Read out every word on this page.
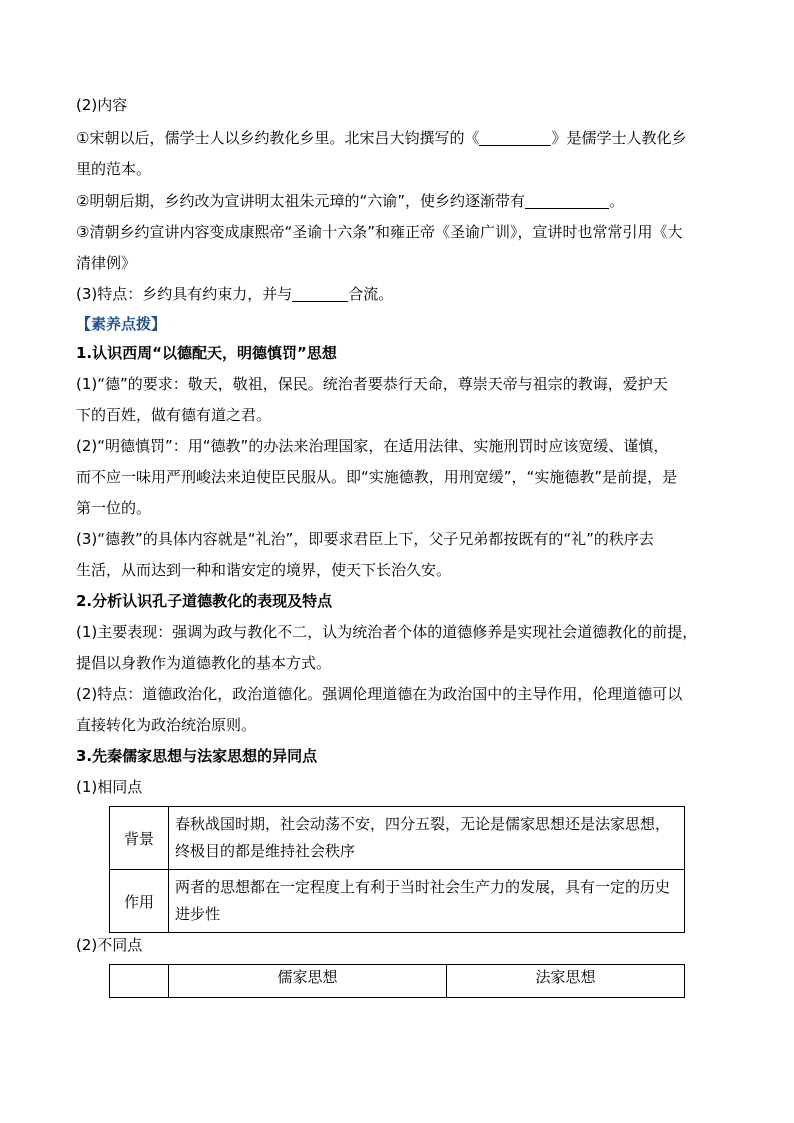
(2)内容
①宋朝以后，儒学士人以乡约教化乡里。北宋吕大钧撰写的《	》是儒学士人教化乡
里的范本。
②明朝后期，乡约改为宣讲明太祖朱元璋的“六谕”，使乡约逐渐带有	。
③清朝乡约宣讲内容变成康熙帝“圣谕十六条”和雍正帝《圣谕广训》，宣讲时也常常引用《大
清律例》
(3)特点：乡约具有约束力，并与	合流。
【素养点拨】
1.认识西周“以德配天，明德慎罚”思想
(1)“德”的要求：敬天，敬祖，保民。统治者要恭行天命，尊崇天帝与祖宗的教诲，爱护天
下的百姓，做有德有道之君。
(2)“明德慎罚”：用“德教”的办法来治理国家，在适用法律、实施刑罚时应该宽缓、谨慎，
而不应一味用严刑峻法来迫使臣民服从。即“实施德教，用刑宽缓”，“实施德教”是前提，是
第一位的。
(3)“德教”的具体内容就是“礼治”，即要求君臣上下，父子兄弟都按既有的“礼”的秩序去
生活，从而达到一种和谐安定的境界，使天下长治久安。
2.分析认识孔子道德教化的表现及特点
(1)主要表现：强调为政与教化不二，认为统治者个体的道德修养是实现社会道德教化的前提，
提倡以身教作为道德教化的基本方式。
(2)特点：道德政治化，政治道德化。强调伦理道德在为政治国中的主导作用，伦理道德可以
直接转化为政治统治原则。
3.先秦儒家思想与法家思想的异同点
(1)相同点
背景	春秋战国时期，社会动荡不安，四分五裂，无论是儒家思想还是法家思想，终极目的都是维持社会秩序
作用	两者的思想都在一定程度上有利于当时社会生产力的发展，具有一定的历史进步性
(2)不同点
	儒家思想	法家思想
